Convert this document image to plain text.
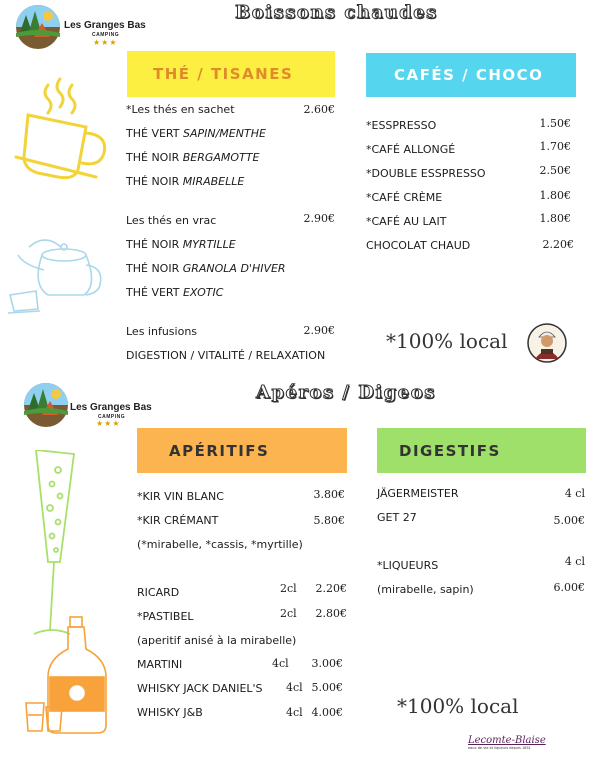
Les Granges Bas
CAMPING
★★★
Boissons chaudes
THÉ / TISANES
*Les thés en sachet	2.60€
THÉ VERT SAPIN/MENTHE
THÉ NOIR BERGAMOTTE
THÉ NOIR MIRABELLE
Les thés en vrac	2.90€
THÉ NOIR MYRTILLE
THÉ NOIR GRANOLA D'HIVER
THÉ VERT EXOTIC
Les infusions	2.90€
DIGESTION / VITALITÉ / RELAXATION
CAFÉS / CHOCO
*ESSPRESSO	1.50€
*CAFÉ ALLONGÉ	1.70€
*DOUBLE ESSPRESSO	2.50€
*CAFÉ CRÈME	1.80€
*CAFÉ AU LAIT	1.80€
CHOCOLAT CHAUD	2.20€
*100% local
Les Granges Bas
CAMPING
★★★
Apéros / Digeos
APÉRITIFS
*KIR VIN BLANC	3.80€
*KIR CRÉMANT	5.80€
(*mirabelle, *cassis, *myrtille)
RICARD	2cl	2.20€
*PASTIBEL	2cl	2.80€
(aperitif anisé à la mirabelle)
MARTINI	4cl	3.00€
WHISKY JACK DANIEL'S 4cl 5.00€
WHISKY J&B	4cl 4.00€
DIGESTIFS
JÄGERMEISTER	4 cl
GET 27	5.00€
*LIQUEURS	4 cl
(mirabelle, sapin)	6.00€
*100% local
Lecomte-Blaise
eaux de vie et liqueurs depuis 1851
